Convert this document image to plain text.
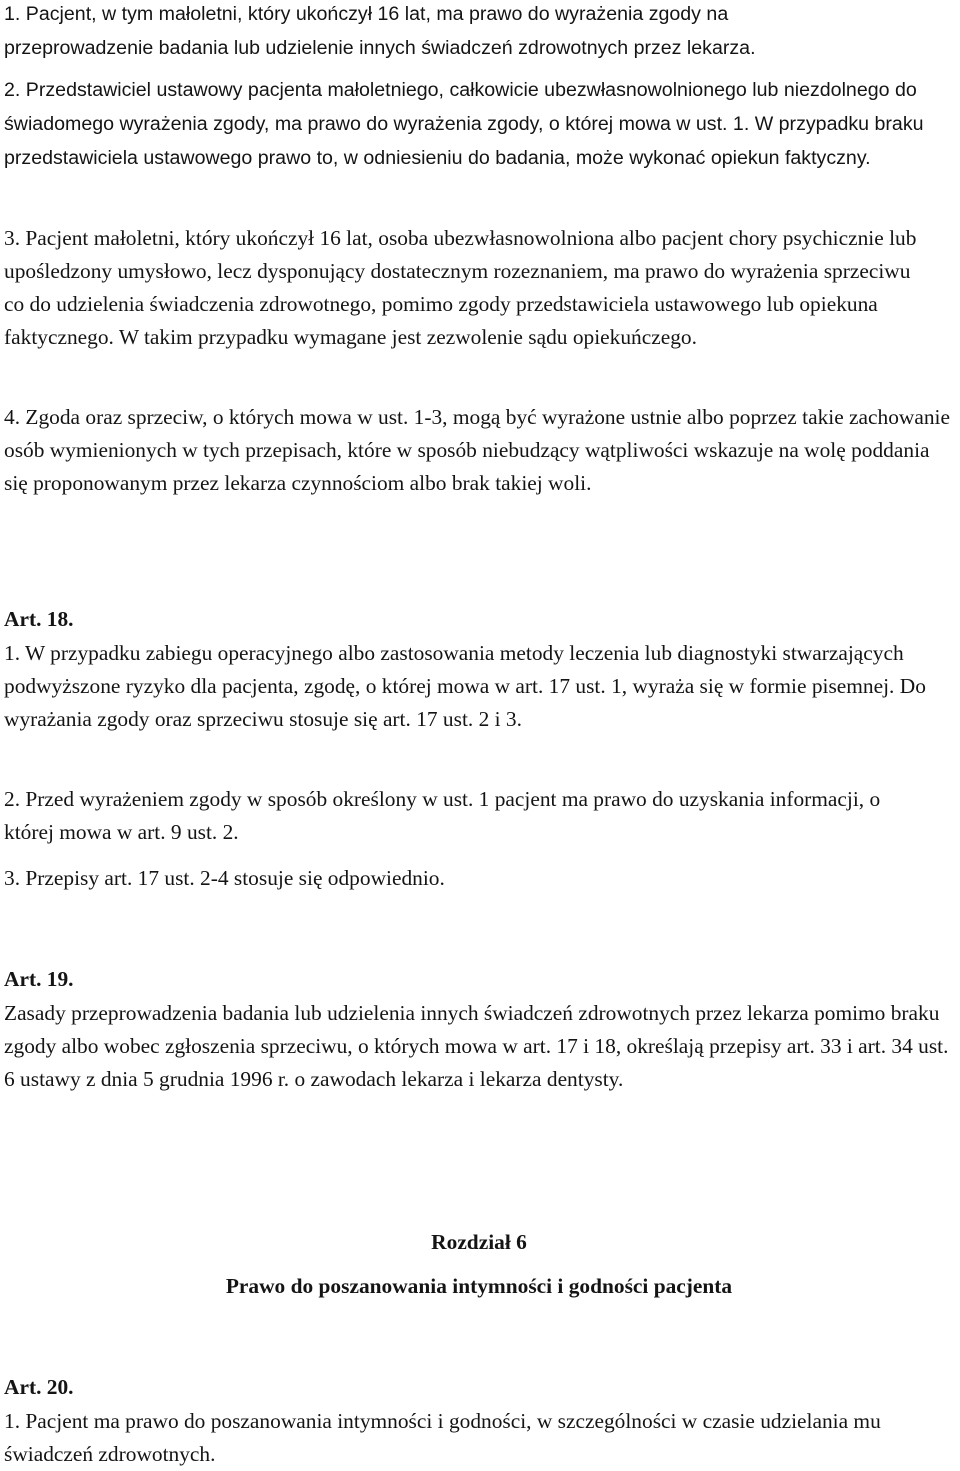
1. Pacjent, w tym małoletni, który ukończył 16 lat, ma prawo do wyrażenia zgody na przeprowadzenie badania lub udzielenie innych świadczeń zdrowotnych przez lekarza.

2. Przedstawiciel ustawowy pacjenta małoletniego, całkowicie ubezwłasnowolnionego lub niezdolnego do świadomego wyrażenia zgody, ma prawo do wyrażenia zgody, o której mowa w ust. 1. W przypadku braku przedstawiciela ustawowego prawo to, w odniesieniu do badania, może wykonać opiekun faktyczny.

3. Pacjent małoletni, który ukończył 16 lat, osoba ubezwłasnowolniona albo pacjent chory psychicznie lub upośledzony umysłowo, lecz dysponujący dostatecznym rozeznaniem, ma prawo do wyrażenia sprzeciwu co do udzielenia świadczenia zdrowotnego, pomimo zgody przedstawiciela ustawowego lub opiekuna faktycznego. W takim przypadku wymagane jest zezwolenie sądu opiekuńczego.

4. Zgoda oraz sprzeciw, o których mowa w ust. 1-3, mogą być wyrażone ustnie albo poprzez takie zachowanie osób wymienionych w tych przepisach, które w sposób niebudzący wątpliwości wskazuje na wolę poddania się proponowanym przez lekarza czynnościom albo brak takiej woli.

Art. 18.

1. W przypadku zabiegu operacyjnego albo zastosowania metody leczenia lub diagnostyki stwarzających podwyższone ryzyko dla pacjenta, zgodę, o której mowa w art. 17 ust. 1, wyraża się w formie pisemnej. Do wyrażania zgody oraz sprzeciwu stosuje się art. 17 ust. 2 i 3.

2. Przed wyrażeniem zgody w sposób określony w ust. 1 pacjent ma prawo do uzyskania informacji, o której mowa w art. 9 ust. 2.

3. Przepisy art. 17 ust. 2-4 stosuje się odpowiednio.

Art. 19.

Zasady przeprowadzenia badania lub udzielenia innych świadczeń zdrowotnych przez lekarza pomimo braku zgody albo wobec zgłoszenia sprzeciwu, o których mowa w art. 17 i 18, określają przepisy art. 33 i art. 34 ust. 6 ustawy z dnia 5 grudnia 1996 r. o zawodach lekarza i lekarza dentysty.

Rozdział 6

Prawo do poszanowania intymności i godności pacjenta

Art. 20.

1. Pacjent ma prawo do poszanowania intymności i godności, w szczególności w czasie udzielania mu świadczeń zdrowotnych.
